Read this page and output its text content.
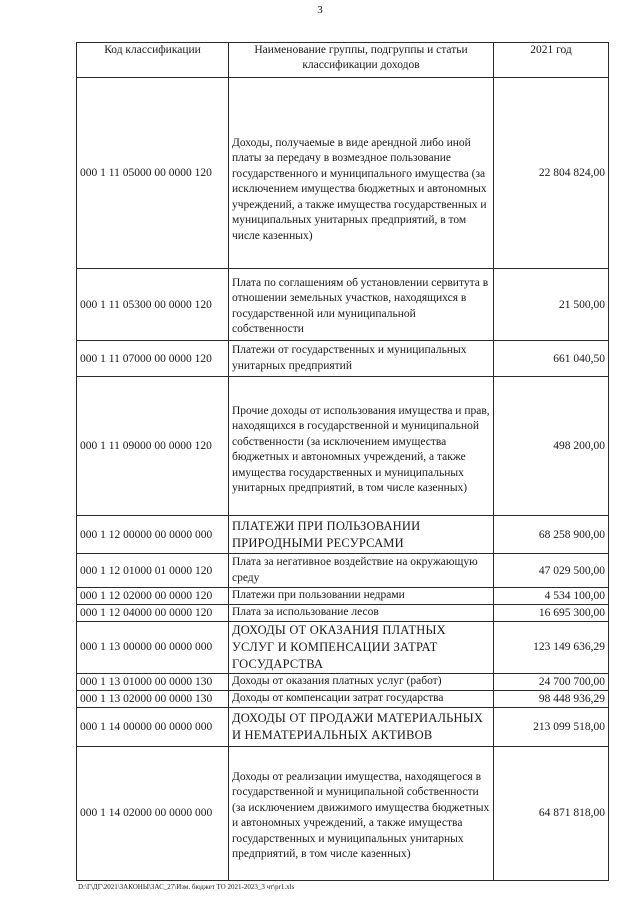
3
Код классификации	Наименование группы, подгруппы и статьи классификации доходов	2021 год
000 1 11 05000 00 0000 120	Доходы, получаемые в виде арендной либо иной платы за передачу в возмездное пользование государственного и муниципального имущества (за исключением имущества бюджетных и автономных учреждений, а также имущества государственных и муниципальных унитарных предприятий, в том числе казенных)	22 804 824,00
000 1 11 05300 00 0000 120	Плата по соглашениям об установлении сервитута в отношении земельных участков, находящихся в государственной или муниципальной собственности	21 500,00
000 1 11 07000 00 0000 120	Платежи от государственных и муниципальных унитарных предприятий	661 040,50
000 1 11 09000 00 0000 120	Прочие доходы от использования имущества и прав, находящихся в государственной и муниципальной собственности (за исключением имущества бюджетных и автономных учреждений, а также имущества государственных и муниципальных унитарных предприятий, в том числе казенных)	498 200,00
000 1 12 00000 00 0000 000	ПЛАТЕЖИ ПРИ ПОЛЬЗОВАНИИ ПРИРОДНЫМИ РЕСУРСАМИ	68 258 900,00
000 1 12 01000 01 0000 120	Плата за негативное воздействие на окружающую среду	47 029 500,00
000 1 12 02000 00 0000 120	Платежи при пользовании недрами	4 534 100,00
000 1 12 04000 00 0000 120	Плата за использование лесов	16 695 300,00
000 1 13 00000 00 0000 000	ДОХОДЫ ОТ ОКАЗАНИЯ ПЛАТНЫХ УСЛУГ И КОМПЕНСАЦИИ ЗАТРАТ ГОСУДАРСТВА	123 149 636,29
000 1 13 01000 00 0000 130	Доходы от оказания платных услуг (работ)	24 700 700,00
000 1 13 02000 00 0000 130	Доходы от компенсации затрат государства	98 448 936,29
000 1 14 00000 00 0000 000	ДОХОДЫ ОТ ПРОДАЖИ МАТЕРИАЛЬНЫХ И НЕМАТЕРИАЛЬНЫХ АКТИВОВ	213 099 518,00
000 1 14 02000 00 0000 000	Доходы от реализации имущества, находящегося в государственной и муниципальной собственности (за исключением движимого имущества бюджетных и автономных учреждений, а также имущества государственных и муниципальных унитарных предприятий, в том числе казенных)	64 871 818,00
D:\Г\ДГ\2021\ЗАКОНЫ\ЗАС_27\Изм. бюджет ТО 2021-2023_3 чт\pr1.xls
